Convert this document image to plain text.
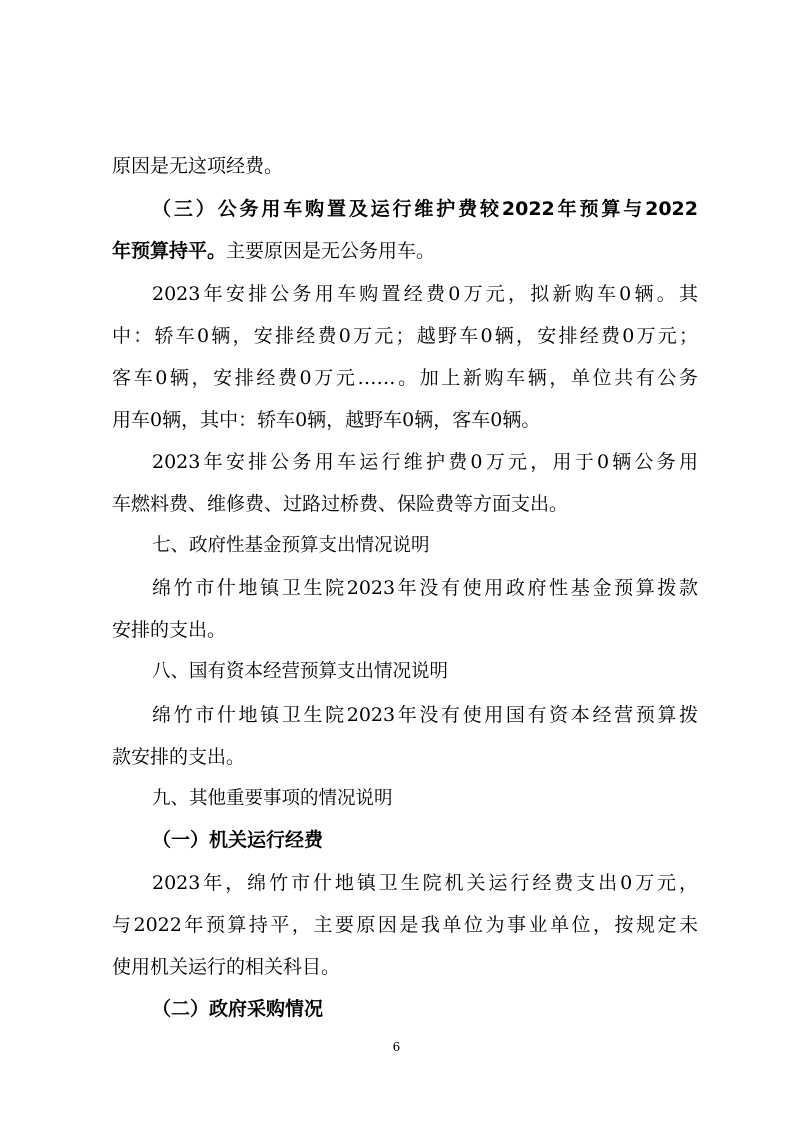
原因是无这项经费。
（三）公务用车购置及运行维护费较2022年预算与2022
年预算持平。主要原因是无公务用车。
2023年安排公务用车购置经费0万元，拟新购车0辆。其
中：轿车0辆，安排经费0万元；越野车0辆，安排经费0万元；
客车0辆，安排经费0万元……。加上新购车辆，单位共有公务
用车0辆，其中：轿车0辆，越野车0辆，客车0辆。
2023年安排公务用车运行维护费0万元，用于0辆公务用
车燃料费、维修费、过路过桥费、保险费等方面支出。
七、政府性基金预算支出情况说明
绵竹市什地镇卫生院2023年没有使用政府性基金预算拨款
安排的支出。
八、国有资本经营预算支出情况说明
绵竹市什地镇卫生院2023年没有使用国有资本经营预算拨
款安排的支出。
九、其他重要事项的情况说明
（一）机关运行经费
2023年，绵竹市什地镇卫生院机关运行经费支出0万元，
与2022年预算持平，主要原因是我单位为事业单位，按规定未
使用机关运行的相关科目。
（二）政府采购情况
6
